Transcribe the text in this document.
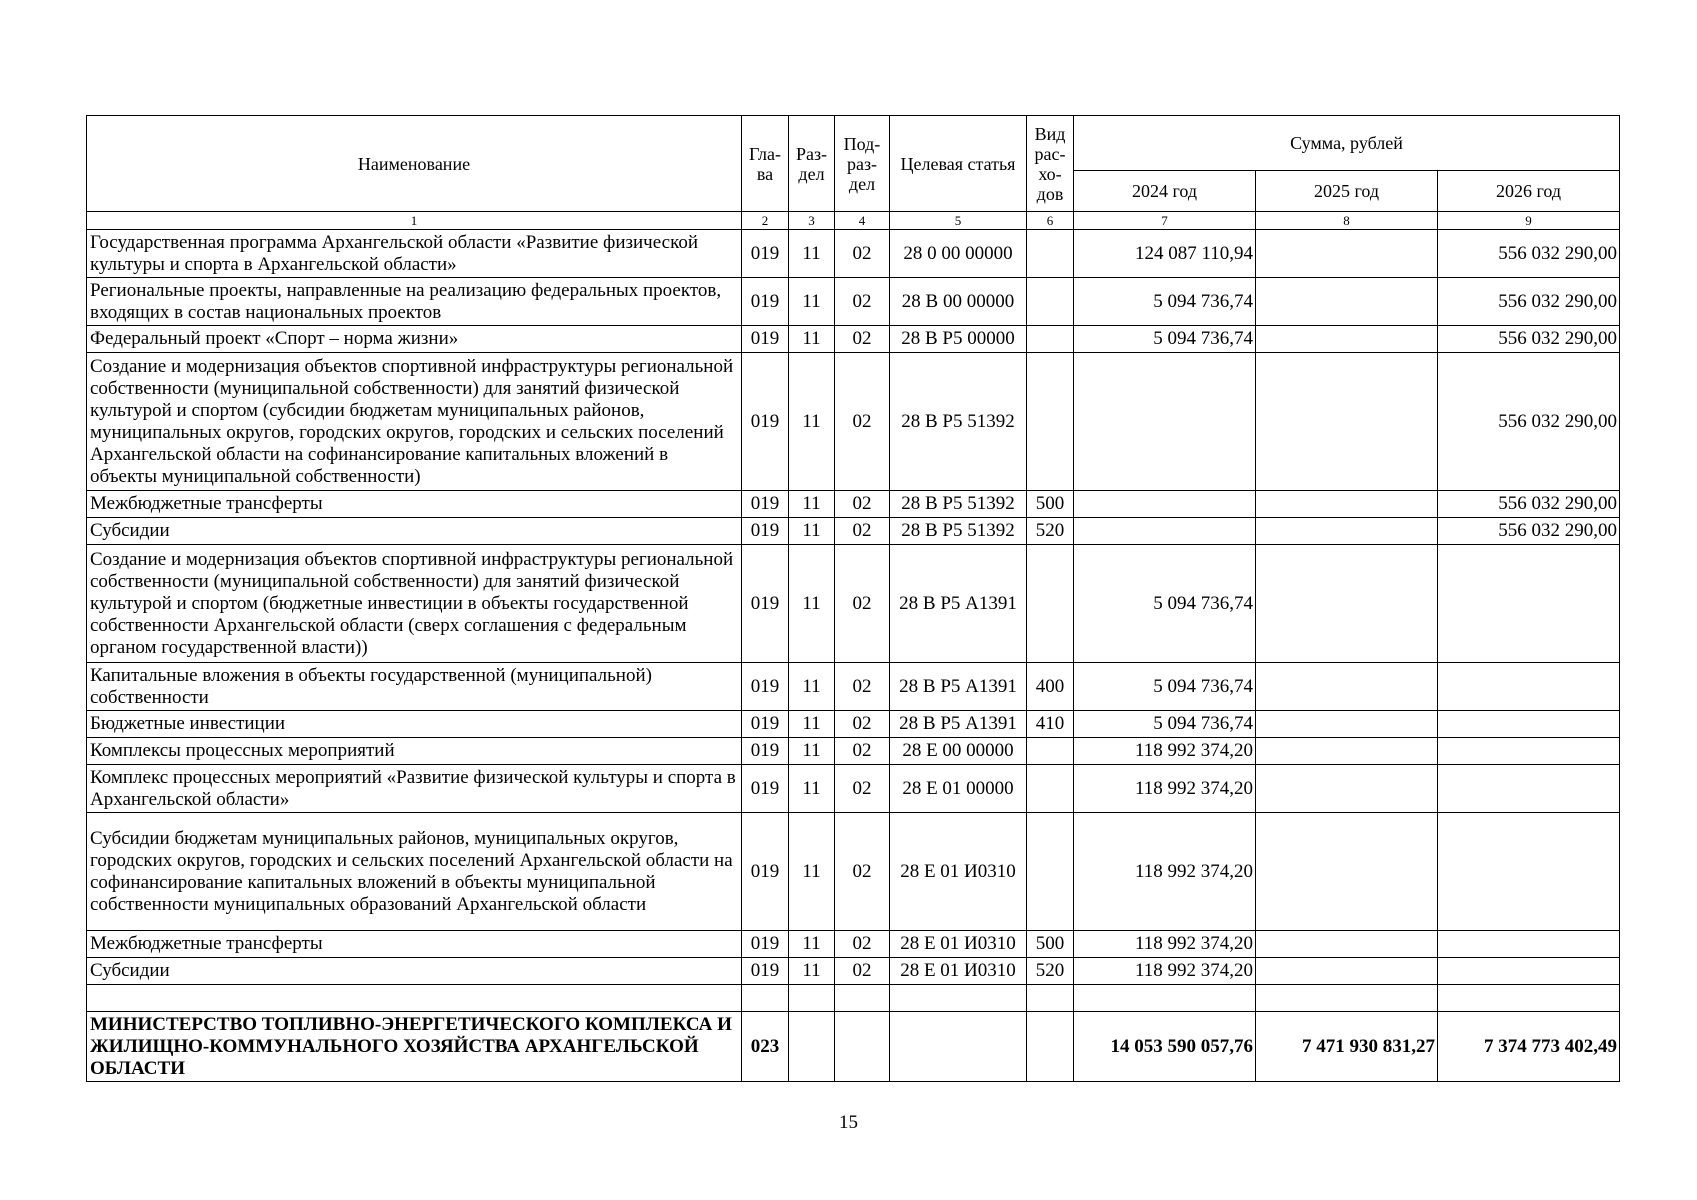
Наименование	Гла-ва	Раз-дел	Под-раз-дел	Целевая статья	Вид рас-хо-дов	Сумма, рублей		
						2024 год	2025 год	2026 год
1	2	3	4	5	6	7	8	9
Государственная программа Архангельской области «Развитие физической культуры и спорта в Архангельской области»	019	11	02	28 0 00 00000		124 087 110,94		556 032 290,00
Региональные проекты, направленные на реализацию федеральных проектов, входящих в состав национальных проектов	019	11	02	28 В 00 00000		5 094 736,74		556 032 290,00
Федеральный проект «Спорт – норма жизни»	019	11	02	28 В Р5 00000		5 094 736,74		556 032 290,00
Создание и модернизация объектов спортивной инфраструктуры региональной собственности (муниципальной собственности) для занятий физической культурой и спортом (субсидии бюджетам муниципальных районов, муниципальных округов, городских округов, городских и сельских поселений Архангельской области на софинансирование капитальных вложений в объекты муниципальной собственности)	019	11	02	28 В Р5 51392				556 032 290,00
Межбюджетные трансферты	019	11	02	28 В Р5 51392	500			556 032 290,00
Субсидии	019	11	02	28 В Р5 51392	520			556 032 290,00
Создание и модернизация объектов спортивной инфраструктуры региональной собственности (муниципальной собственности) для занятий физической культурой и спортом (бюджетные инвестиции в объекты государственной собственности Архангельской области (сверх соглашения с федеральным органом государственной власти))	019	11	02	28 В Р5 А1391		5 094 736,74		
Капитальные вложения в объекты государственной (муниципальной) собственности	019	11	02	28 В Р5 А1391	400	5 094 736,74		
Бюджетные инвестиции	019	11	02	28 В Р5 А1391	410	5 094 736,74		
Комплексы процессных мероприятий	019	11	02	28 Е 00 00000		118 992 374,20		
Комплекс процессных мероприятий «Развитие физической культуры и спорта в Архангельской области»	019	11	02	28 Е 01 00000		118 992 374,20		
Субсидии бюджетам муниципальных районов, муниципальных округов, городских округов, городских и сельских поселений Архангельской области на софинансирование капитальных вложений в объекты муниципальной собственности муниципальных образований Архангельской области	019	11	02	28 Е 01 И0310		118 992 374,20		
Межбюджетные трансферты	019	11	02	28 Е 01 И0310	500	118 992 374,20		
Субсидии	019	11	02	28 Е 01 И0310	520	118 992 374,20		

МИНИСТЕРСТВО ТОПЛИВНО-ЭНЕРГЕТИЧЕСКОГО КОМПЛЕКСА И ЖИЛИЩНО-КОММУНАЛЬНОГО ХОЗЯЙСТВА АРХАНГЕЛЬСКОЙ ОБЛАСТИ	023					14 053 590 057,76	7 471 930 831,27	7 374 773 402,49
15
